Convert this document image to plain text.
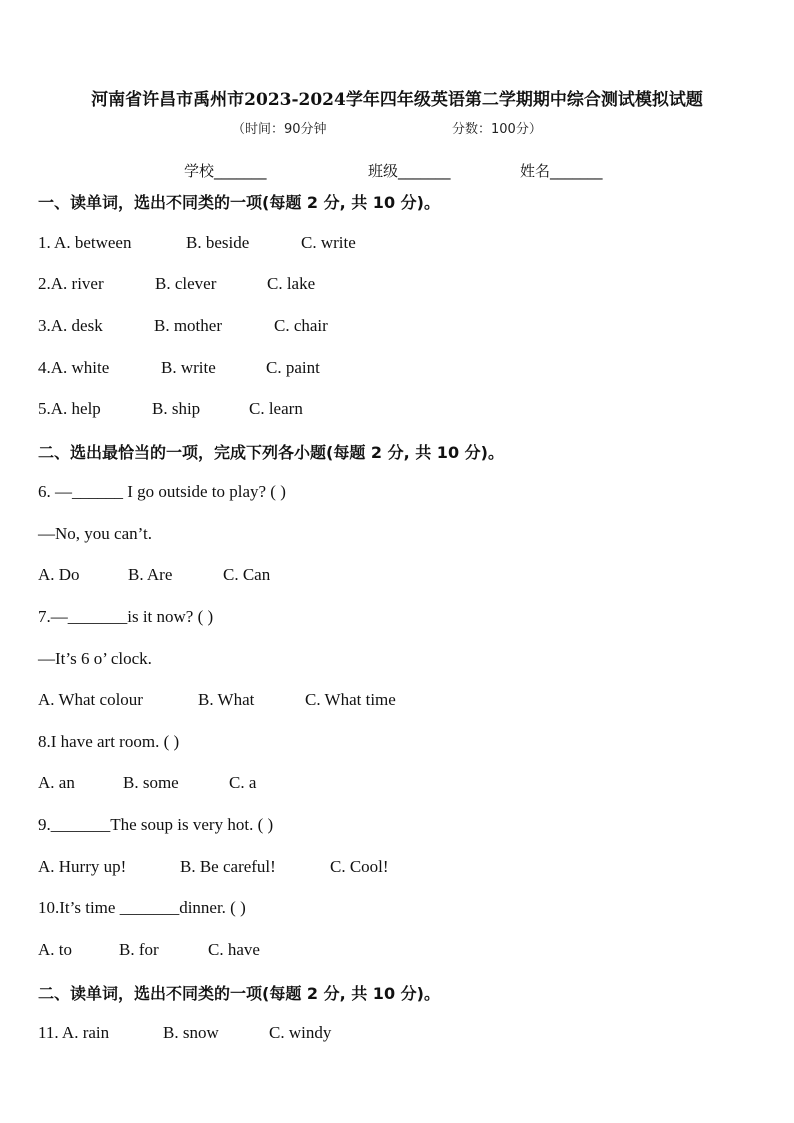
河南省许昌市禹州市2023-2024学年四年级英语第二学期期中综合测试模拟试题
（时间：90分钟	分数：100分）
学校_______	班级_______	姓名_______
一、读单词，选出不同类的一项(每题 2 分, 共 10 分)。
1. A. between	B. beside	C. write
2.A. river	B. clever	C. lake
3.A. desk	B. mother	C. chair
4.A. white	B. write	C. paint
5.A. help	B. ship	C. learn
二、选出最恰当的一项，完成下列各小题(每题 2 分, 共 10 分)。
6. —______ I go outside to play? ( )
—No, you can’t.
A. Do	B. Are	C. Can
7.—_______is it now? ( )
—It’s 6 o’ clock.
A. What colour	B. What	C. What time
8.I have art room. ( )
A. an	B. some	C. a
9._______The soup is very hot. ( )
A. Hurry up!	B. Be careful!	C. Cool!
10.It’s time _______dinner. ( )
A. to	B. for	C. have
二、读单词，选出不同类的一项(每题 2 分, 共 10 分)。
11. A. rain	B. snow	C. windy
